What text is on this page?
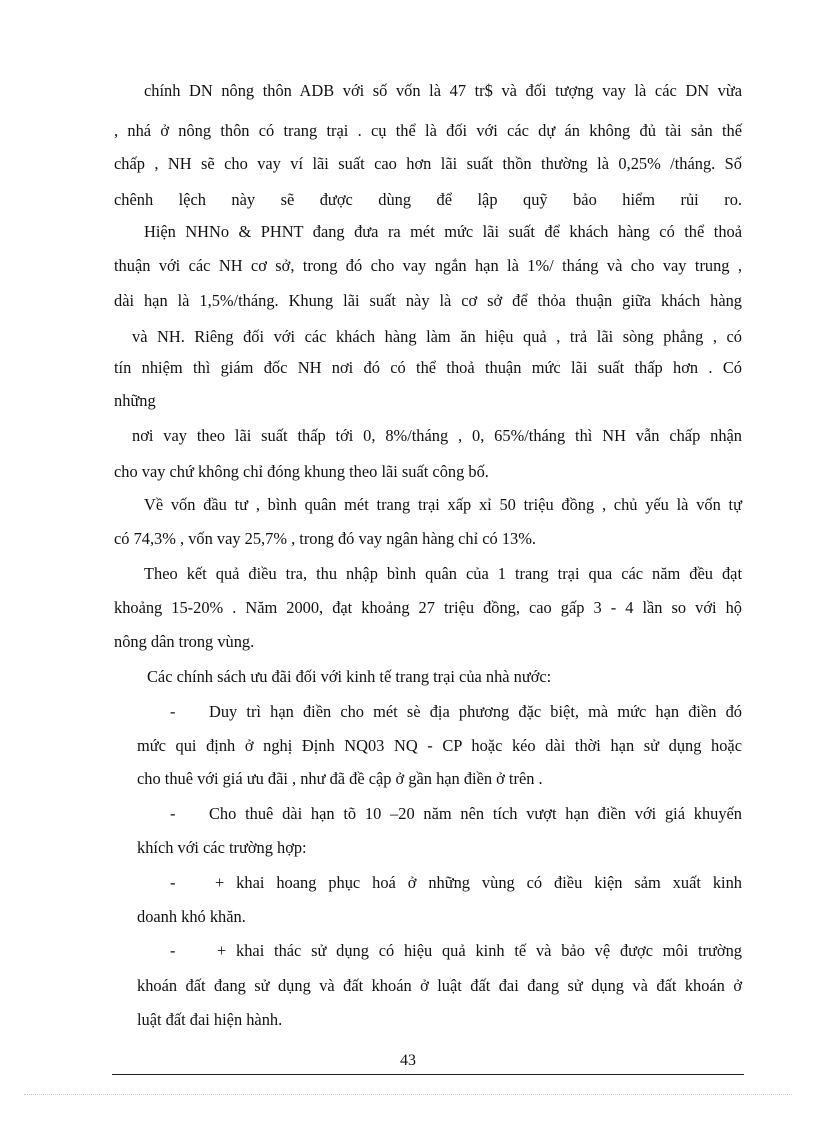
chính DN nông thôn ADB với số vốn là 47 tr$ và đối tượng vay là các DN vừa
, nhá ở nông thôn có trang trại . cụ thể là đối với các dự án không đủ tài sản thế
chấp , NH sẽ cho vay ví lãi suất cao hơn lãi suất thồn thường là 0,25% /tháng. Số
chênh lệch này sẽ được dùng để lập quỹ bảo hiểm rủi ro.
Hiện NHNo & PHNT đang đưa ra mét mức lãi suất để khách hàng có thể thoả
thuận với các NH cơ sở, trong đó cho vay ngắn hạn là 1%/ tháng và cho vay trung ,
dài hạn là 1,5%/tháng. Khung lãi suất này là cơ sở để thỏa thuận giữa khách hàng
và NH. Riêng đối với các khách hàng làm ăn hiệu quả , trả lãi sòng phẳng , có
tín nhiệm thì giám đốc NH nơi đó có thể thoả thuận mức lãi suất thấp hơn . Có
những
nơi vay theo lãi suất thấp tới 0, 8%/tháng , 0, 65%/tháng thì NH vẫn chấp nhận
cho vay chứ không chỉ đóng khung theo lãi suất công bố.
Về vốn đầu tư , bình quân mét trang trại xấp xỉ 50 triệu đồng , chủ yếu là vốn tự
có 74,3% , vốn vay 25,7% , trong đó vay ngân hàng chỉ có 13%.
Theo kết quả điều tra, thu nhập bình quân của 1 trang trại qua các năm đều đạt
khoảng 15-20% . Năm 2000, đạt khoảng 27 triệu đồng, cao gấp 3 - 4 lần so với hộ
nông dân trong vùng.
Các chính sách ưu đãi đối với kinh tế trang trại của nhà nước:
- Duy trì hạn điền cho mét sè địa phương đặc biệt, mà mức hạn điền đó
mức qui định ở nghị Định NQ03 NQ - CP hoặc kéo dài thời hạn sử dụng hoặc
cho thuê với giá ưu đãi , như đã đề cập ở gần hạn điền ở trên .
- Cho thuê dài hạn tõ 10 –20 năm nên tích vượt hạn điền với giá khuyến
khích với các trường hợp:
- + khai hoang phục hoá ở những vùng có điều kiện sảm xuất kinh
doanh khó khăn.
-	+ khai thác sử dụng có hiệu quả kinh tế và bảo vệ được môi trường
khoán đất đang sử dụng và đất khoán ở luật đất đai đang sử dụng và đất khoán ở
luật đất đai hiện hành.
43
